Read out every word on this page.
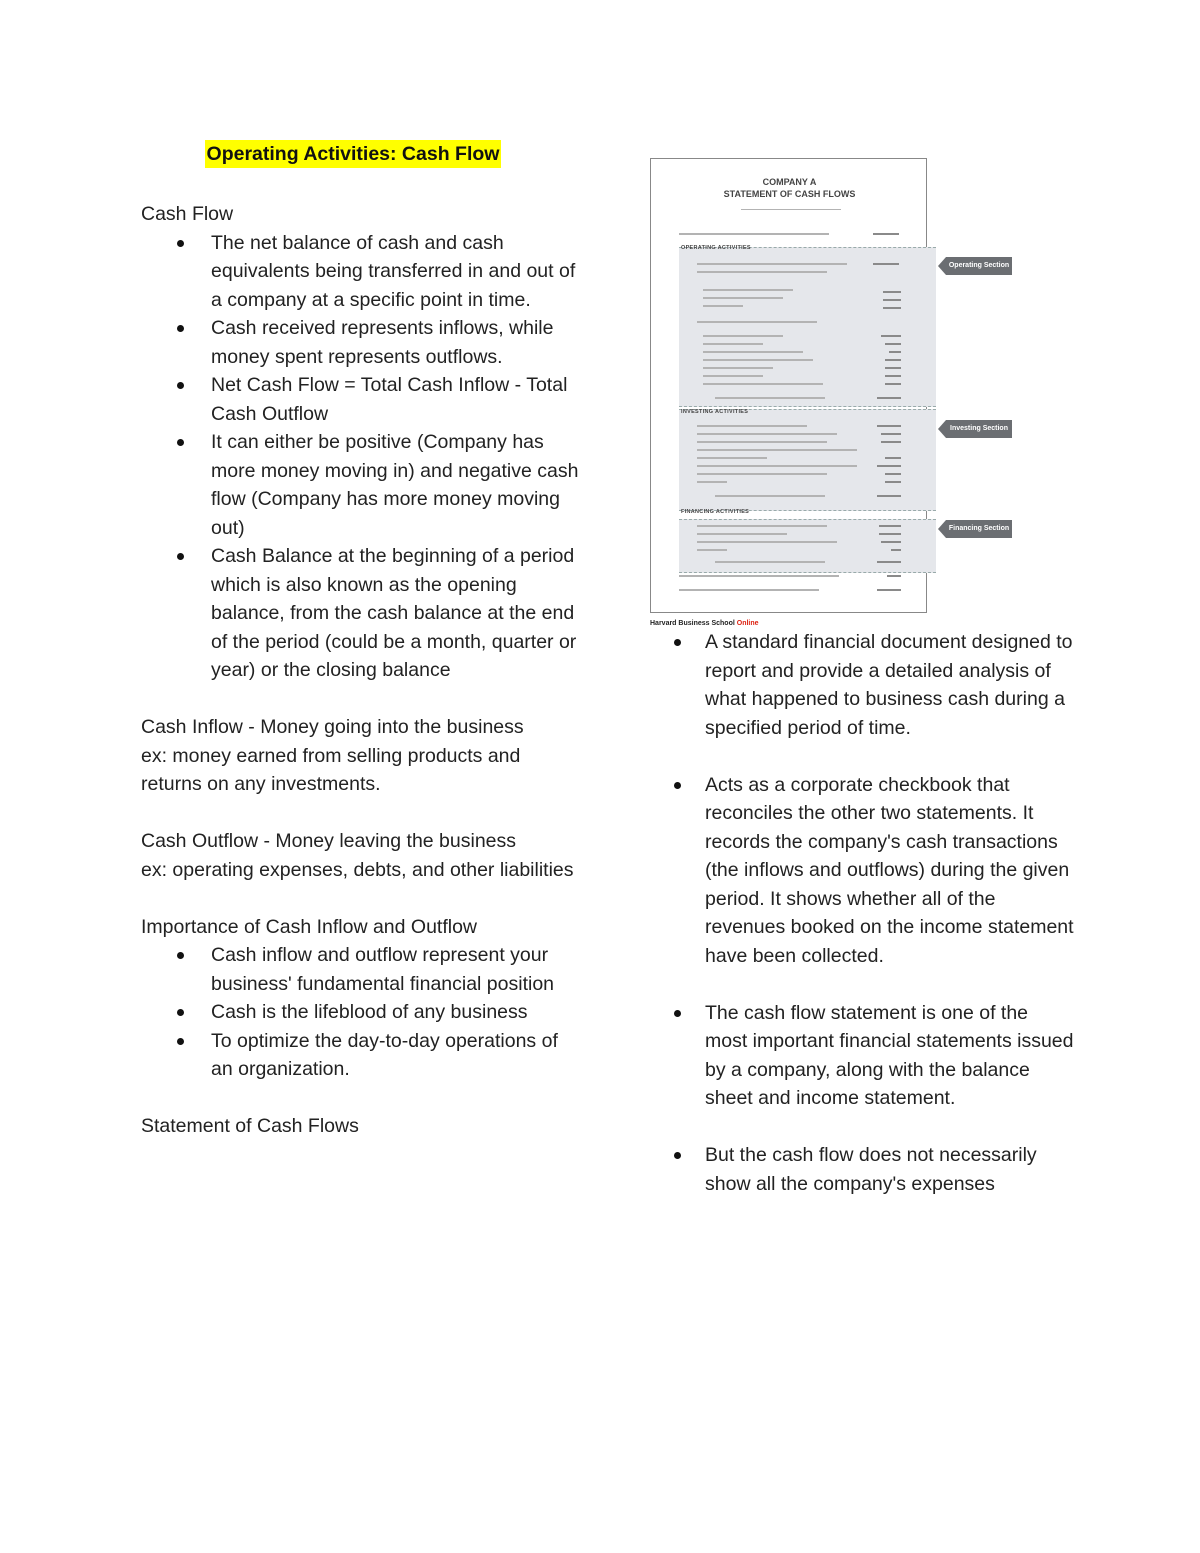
Operating Activities: Cash Flow

Cash Flow

The net balance of cash and cash equivalents being transferred in and out of a company at a specific point in time.
Cash received represents inflows, while money spent represents outflows.
Net Cash Flow = Total Cash Inflow - Total Cash Outflow
It can either be positive (Company has more money moving in) and negative cash flow (Company has more money moving out)
Cash Balance at the beginning of a period which is also known as the opening balance, from the cash balance at the end of the period (could be a month, quarter or year) or the closing balance

Cash Inflow - Money going into the business

ex: money earned from selling products and returns on any investments.

Cash Outflow - Money leaving the business

ex: operating expenses, debts, and other liabilities

Importance of Cash Inflow and Outflow

Cash inflow and outflow represent your business' fundamental financial position
Cash is the lifeblood of any business
To optimize the day-to-day operations of an organization.

Statement of Cash Flows

COMPANY A
STATEMENT OF CASH FLOWS
OPERATING ACTIVITIES
INVESTING ACTIVITIES
FINANCING ACTIVITIES
Operating Section
Investing Section
Financing Section
Harvard Business School Online
A standard financial document designed to report and provide a detailed analysis of what happened to business cash during a specified period of time.
Acts as a corporate checkbook that reconciles the other two statements. It records the company's cash transactions (the inflows and outflows) during the given period. It shows whether all of the revenues booked on the income statement have been collected.
The cash flow statement is one of the most important financial statements issued by a company, along with the balance sheet and income statement.
But the cash flow does not necessarily show all the company's expenses
